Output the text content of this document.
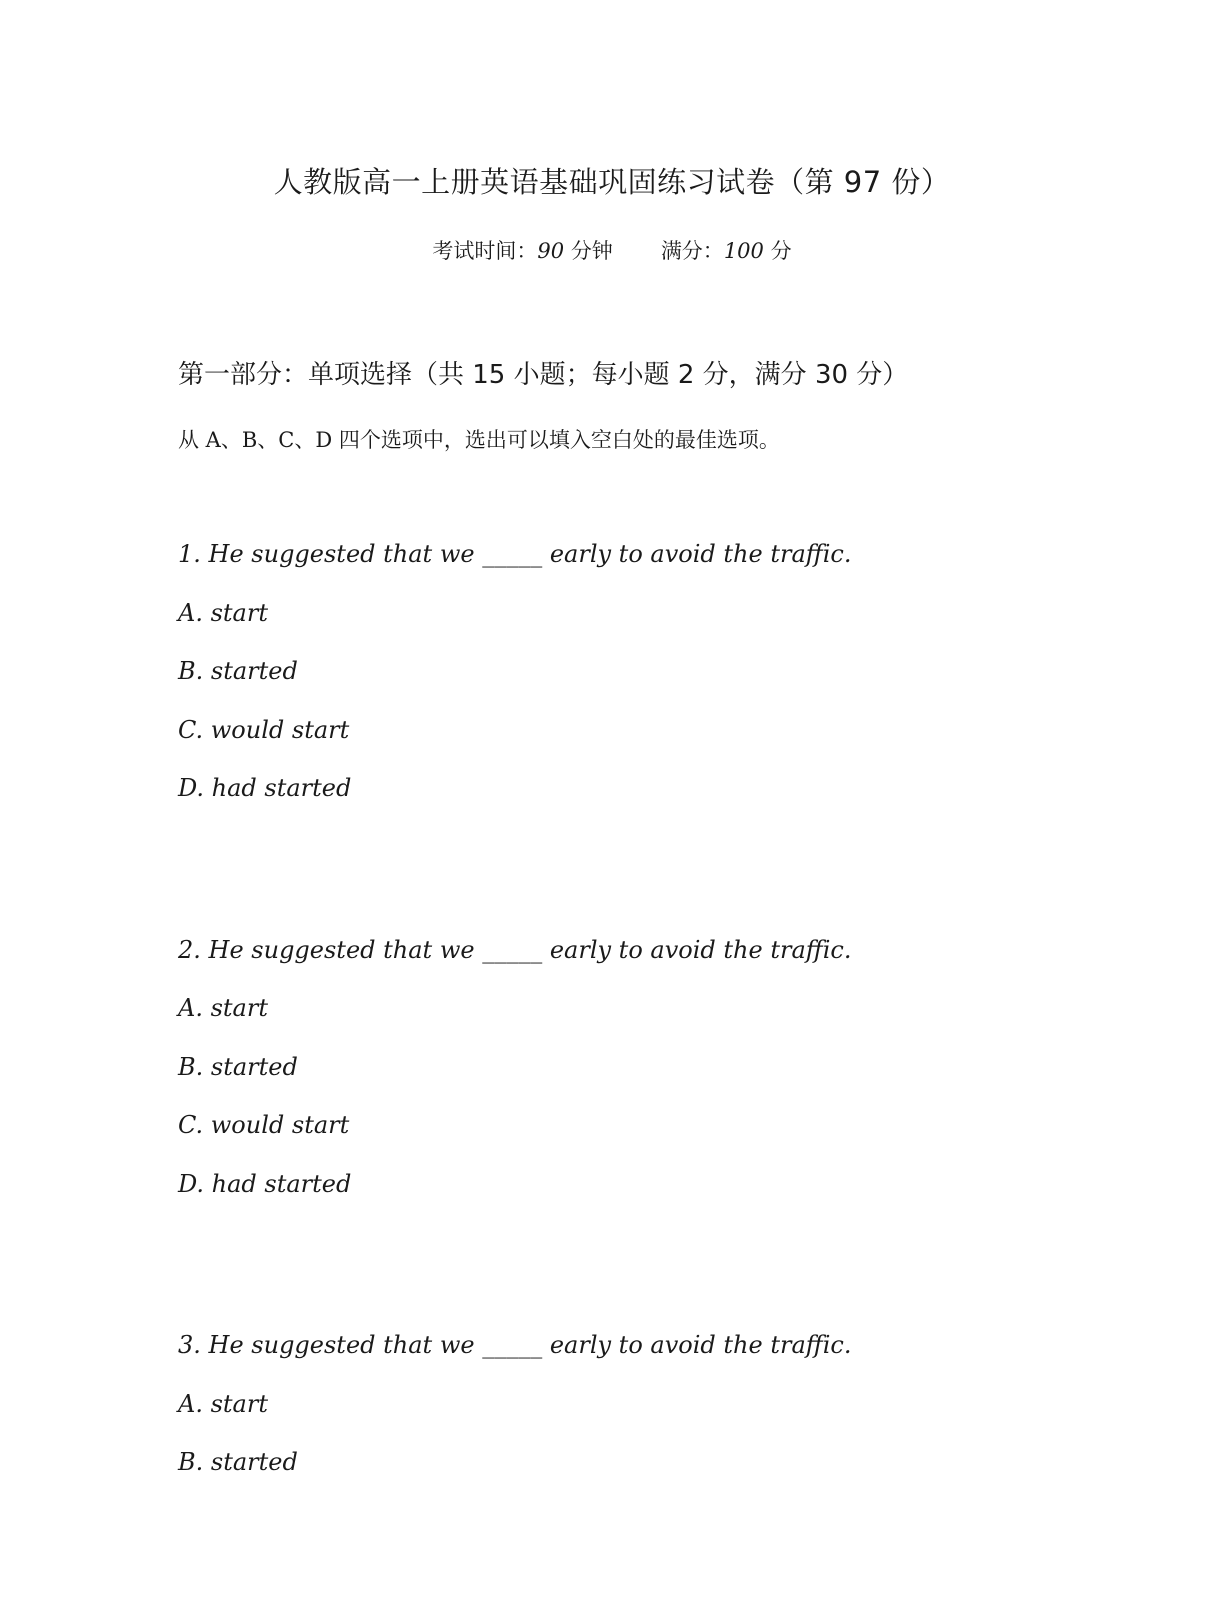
人教版高一上册英语基础巩固练习试卷（第 97 份）
考试时间：90 分钟 满分：100 分
第一部分：单项选择（共 15 小题；每小题 2 分，满分 30 分）
从 A、B、C、D 四个选项中，选出可以填入空白处的最佳选项。
1. He suggested that we _____ early to avoid the traffic.
A. start
B. started
C. would start
D. had started
2. He suggested that we _____ early to avoid the traffic.
A. start
B. started
C. would start
D. had started
3. He suggested that we _____ early to avoid the traffic.
A. start
B. started
